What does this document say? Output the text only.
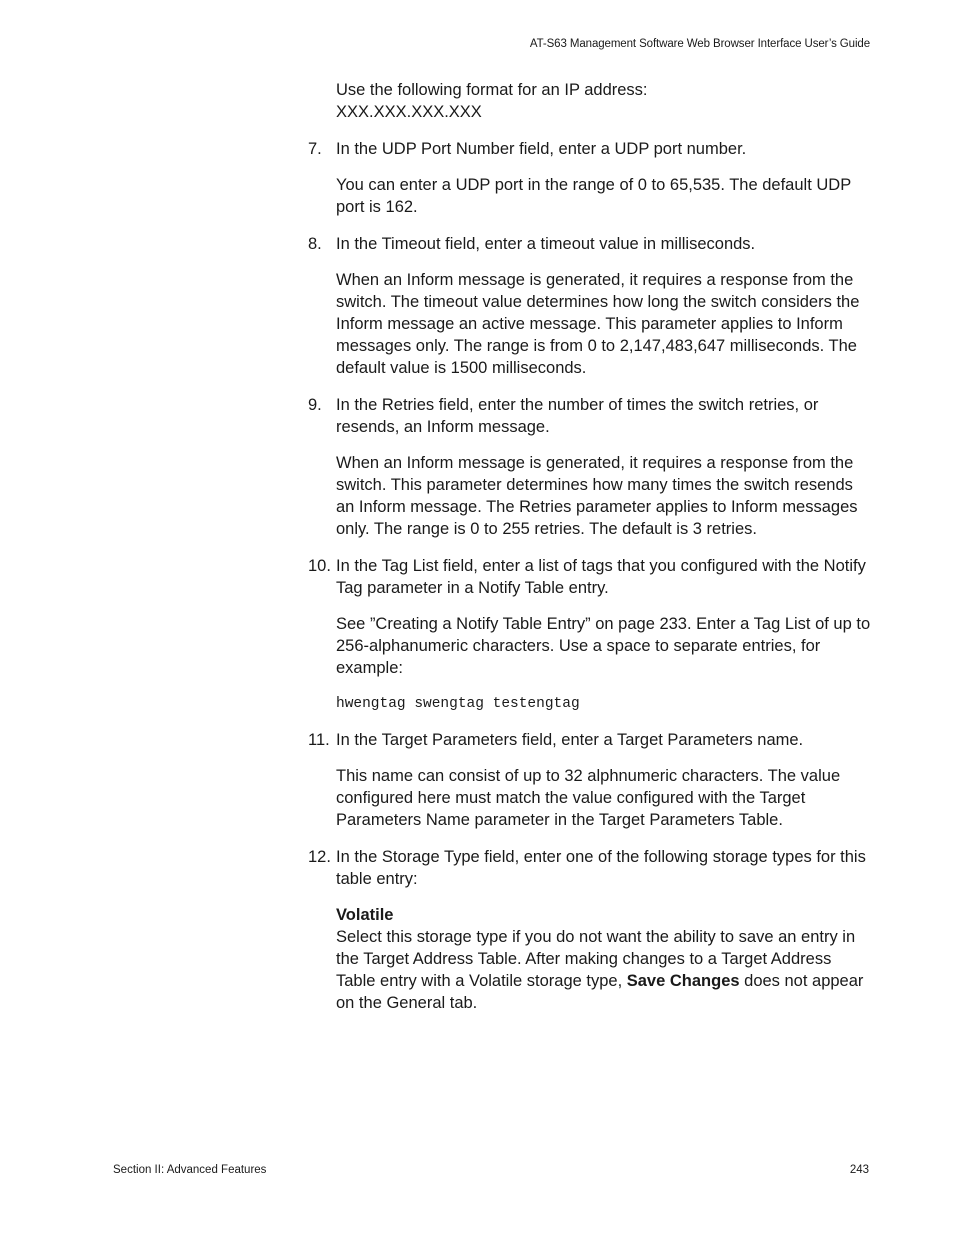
AT-S63 Management Software Web Browser Interface User’s Guide

Use the following format for an IP address:

XXX.XXX.XXX.XXX

7. In the UDP Port Number field, enter a UDP port number.

You can enter a UDP port in the range of 0 to 65,535. The default UDP port is 162.

8. In the Timeout field, enter a timeout value in milliseconds.

When an Inform message is generated, it requires a response from the switch. The timeout value determines how long the switch considers the Inform message an active message. This parameter applies to Inform messages only. The range is from 0 to 2,147,483,647 milliseconds. The default value is 1500 milliseconds.

9. In the Retries field, enter the number of times the switch retries, or resends, an Inform message.

When an Inform message is generated, it requires a response from the switch. This parameter determines how many times the switch resends an Inform message. The Retries parameter applies to Inform messages only. The range is 0 to 255 retries. The default is 3 retries.

10. In the Tag List field, enter a list of tags that you configured with the Notify Tag parameter in a Notify Table entry.

See ”Creating a Notify Table Entry” on page 233. Enter a Tag List of up to 256-alphanumeric characters. Use a space to separate entries, for example:

hwengtag swengtag testengtag

11. In the Target Parameters field, enter a Target Parameters name.

This name can consist of up to 32 alphnumeric characters. The value configured here must match the value configured with the Target Parameters Name parameter in the Target Parameters Table.

12. In the Storage Type field, enter one of the following storage types for this table entry:

Volatile

Select this storage type if you do not want the ability to save an entry in the Target Address Table. After making changes to a Target Address Table entry with a Volatile storage type, Save Changes does not appear on the General tab.

Section II: Advanced Features	243
